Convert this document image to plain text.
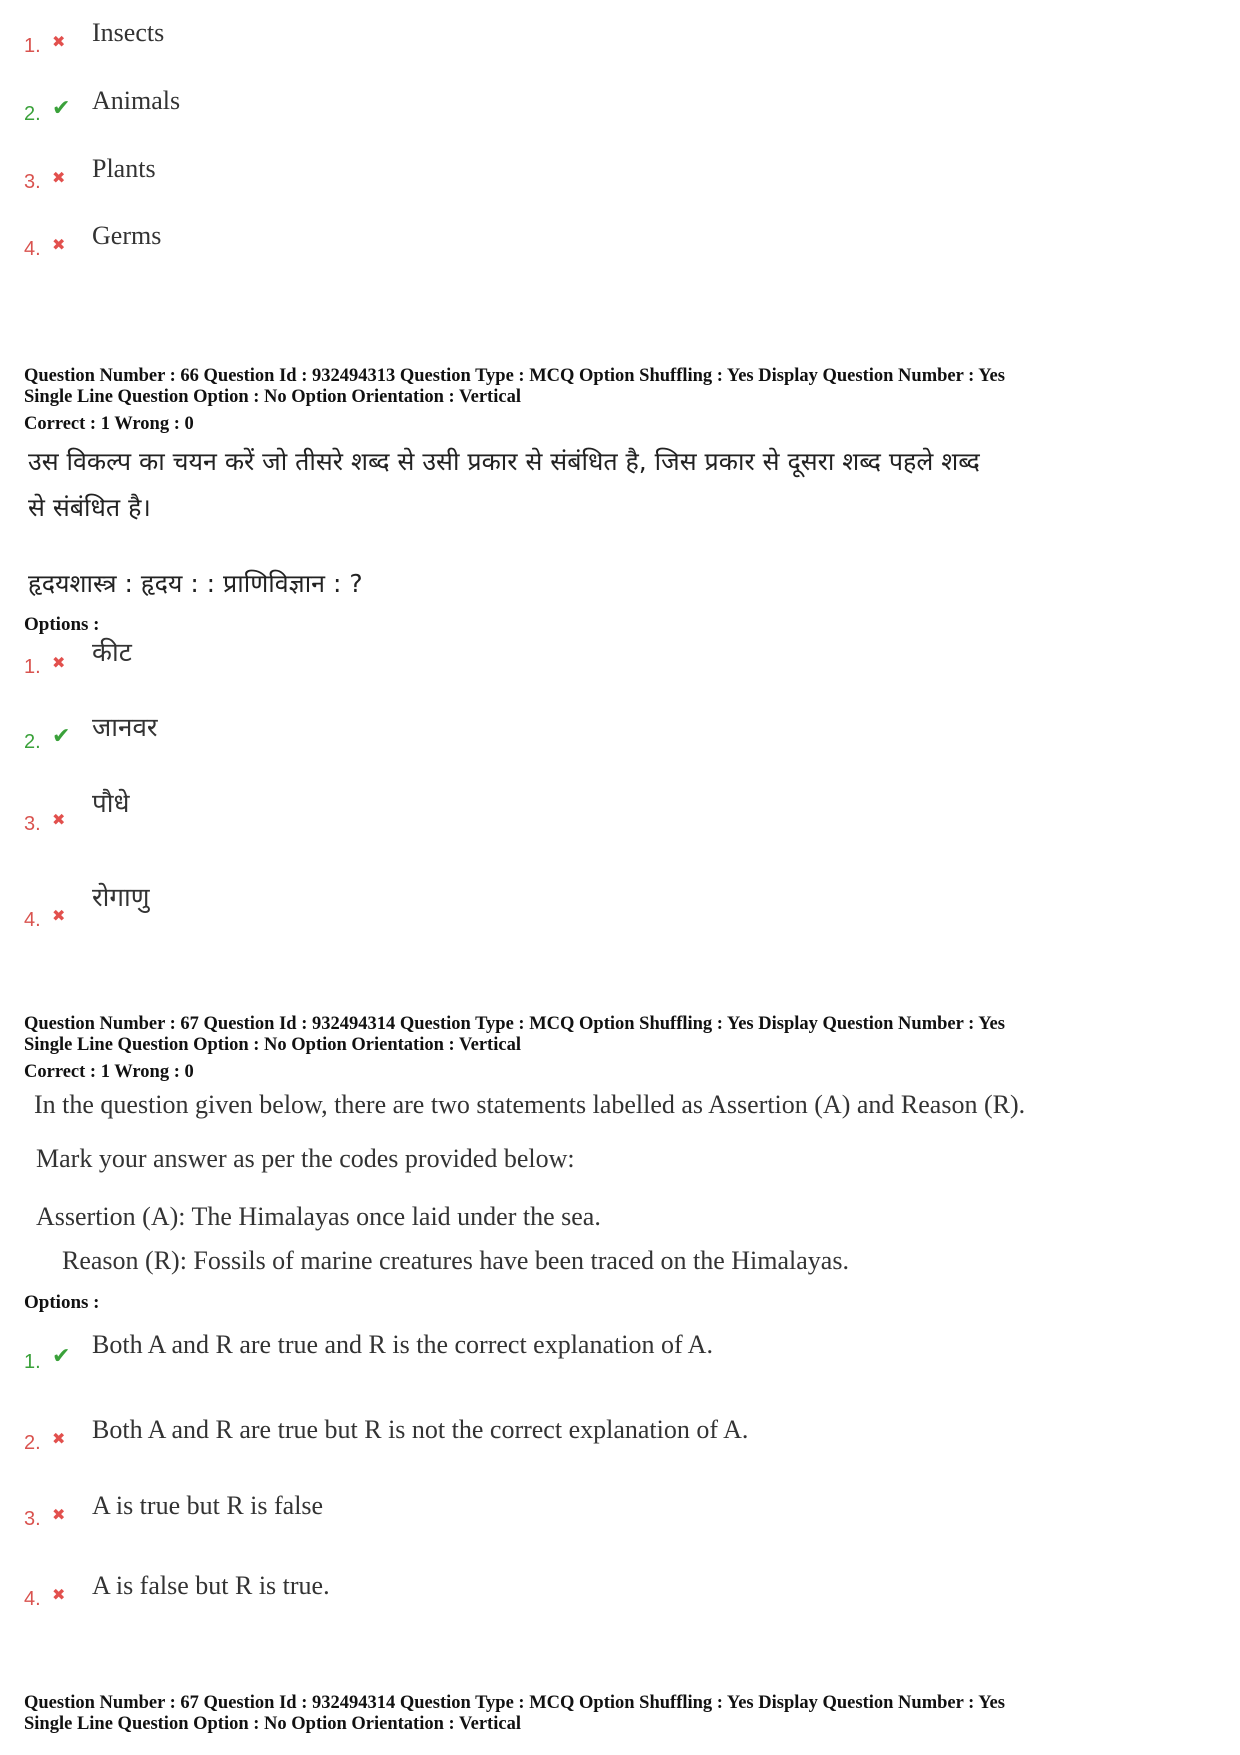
1. ✖ Insects
2. ✔ Animals
3. ✖ Plants
4. ✖ Germs
Question Number : 66 Question Id : 932494313 Question Type : MCQ Option Shuffling : Yes Display Question Number : Yes
Single Line Question Option : No Option Orientation : Vertical
Correct : 1 Wrong : 0
उस विकल्प का चयन करें जो तीसरे शब्द से उसी प्रकार से संबंधित है, जिस प्रकार से दूसरा शब्द पहले शब्द
से संबंधित है।
हृदयशास्त्र : हृदय : : प्राणिविज्ञान : ?
Options :
1. ✖ कीट
2. ✔ जानवर
3. ✖
पौधे
4. ✖
रोगाणु
Question Number : 67 Question Id : 932494314 Question Type : MCQ Option Shuffling : Yes Display Question Number : Yes
Single Line Question Option : No Option Orientation : Vertical
Correct : 1 Wrong : 0
In the question given below, there are two statements labelled as Assertion (A) and Reason (R).
Mark your answer as per the codes provided below:
Assertion (A): The Himalayas once laid under the sea.
Reason (R): Fossils of marine creatures have been traced on the Himalayas.
Options :
1. ✔ Both A and R are true and R is the correct explanation of A.
2. ✖ Both A and R are true but R is not the correct explanation of A.
3. ✖ A is true but R is false
4. ✖ A is false but R is true.
Question Number : 67 Question Id : 932494314 Question Type : MCQ Option Shuffling : Yes Display Question Number : Yes
Single Line Question Option : No Option Orientation : Vertical
